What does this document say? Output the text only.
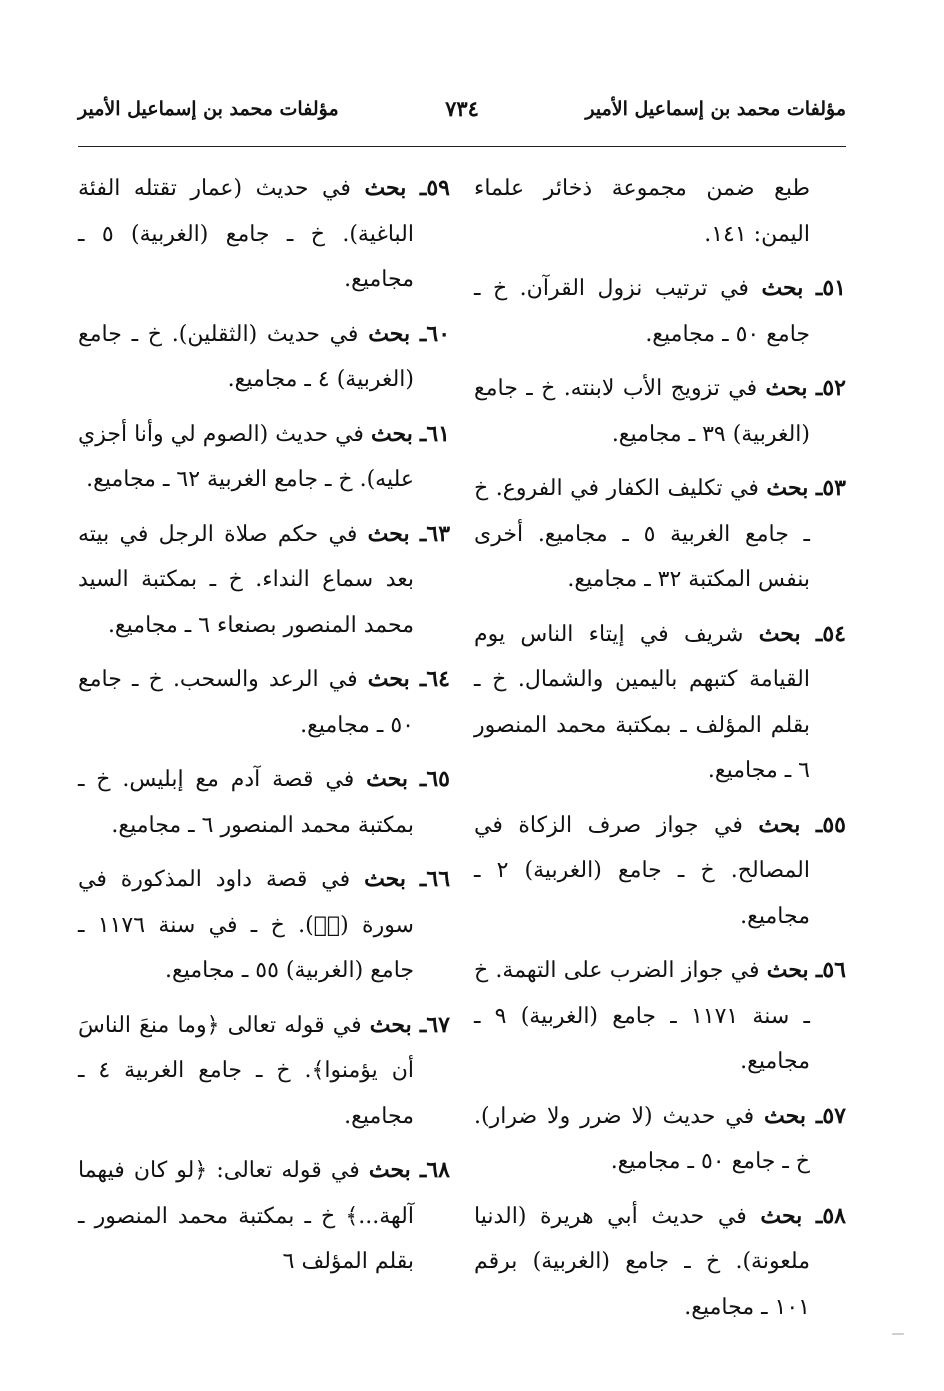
مؤلفات محمد بن إسماعيل الأمير
٧٣٤
مؤلفات محمد بن إسماعيل الأمير

طبع ضمن مجموعة ذخائر علماء اليمن: ١٤١.

٥١ـ بحث في ترتيب نزول القرآن. خ ـ جامع ٥٠ ـ مجاميع.

٥٢ـ بحث في تزويج الأب لابنته. خ ـ جامع (الغربية) ٣٩ ـ مجاميع.

٥٣ـ بحث في تكليف الكفار في الفروع. خ ـ جامع الغربية ٥ ـ مجاميع. أخرى بنفس المكتبة ٣٢ ـ مجاميع.

٥٤ـ بحث شريف في إيتاء الناس يوم القيامة كتبهم باليمين والشمال. خ ـ بقلم المؤلف ـ بمكتبة محمد المنصور ٦ ـ مجاميع.

٥٥ـ بحث في جواز صرف الزكاة في المصالح. خ ـ جامع (الغربية) ٢ ـ مجاميع.

٥٦ـ بحث في جواز الضرب على التهمة. خ ـ سنة ١١٧١ ـ جامع (الغربية) ٩ ـ مجاميع.

٥٧ـ بحث في حديث (لا ضرر ولا ضرار). خ ـ جامع ٥٠ ـ مجاميع.

٥٨ـ بحث في حديث أبي هريرة (الدنيا ملعونة). خ ـ جامع (الغربية) برقم ١٠١ ـ مجاميع.

٥٩ـ بحث في حديث (عمار تقتله الفئة الباغية). خ ـ جامع (الغربية) ٥ ـ مجاميع.

٦٠ـ بحث في حديث (الثقلين). خ ـ جامع (الغربية) ٤ ـ مجاميع.

٦١ـ بحث في حديث (الصوم لي وأنا أجزي عليه). خ ـ جامع الغربية ٦٢ ـ مجاميع.

٦٣ـ بحث في حكم صلاة الرجل في بيته بعد سماع النداء. خ ـ بمكتبة السيد محمد المنصور بصنعاء ٦ ـ مجاميع.

٦٤ـ بحث في الرعد والسحب. خ ـ جامع ٥٠ ـ مجاميع.

٦٥ـ بحث في قصة آدم مع إبليس. خ ـ بمكتبة محمد المنصور ٦ ـ مجاميع.

٦٦ـ بحث في قصة داود المذكورة في سورة (صۤ). خ ـ في سنة ١١٧٦ ـ جامع (الغربية) ٥٥ ـ مجاميع.

٦٧ـ بحث في قوله تعالى ﴿وما منعَ الناسَ أن يؤمنوا﴾. خ ـ جامع الغربية ٤ ـ مجاميع.

٦٨ـ بحث في قوله تعالى: ﴿لو كان فيهما آلهة...﴾ خ ـ بمكتبة محمد المنصور ـ بقلم المؤلف ٦
